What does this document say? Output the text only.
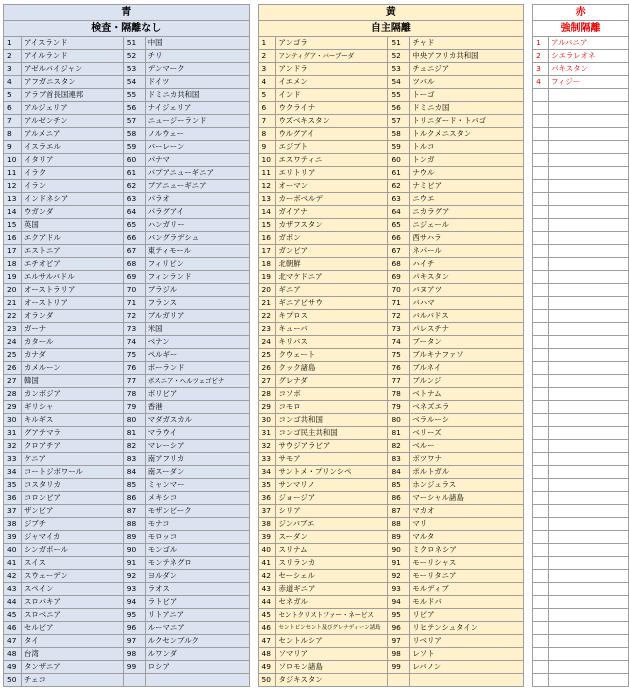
青					黄					赤	
検査・隔離なし					自主隔離					強制隔離	
1	アイスランド	51	中国		1	アンゴラ	51	チャド		1	アルバニア
2	アイルランド	52	チリ		2	アンティグア・バーブーダ	52	中央アフリカ共和国		2	シエラレオネ
3	アゼルバイジャン	53	デンマーク		3	アンドラ	53	チュニジア		3	パキスタン
4	アフガニスタン	54	ドイツ		4	イエメン	54	ツバル		4	フィジー
5	アラブ首長国連邦	55	ドミニカ共和国		5	インド	55	トーゴ			
6	アルジェリア	56	ナイジェリア		6	ウクライナ	56	ドミニカ国			
7	アルゼンチン	57	ニュージーランド		7	ウズベキスタン	57	トリニダード・トバゴ			
8	アルメニア	58	ノルウェー		8	ウルグアイ	58	トルクメニスタン			
9	イスラエル	59	バーレーン		9	エジプト	59	トルコ			
10	イタリア	60	パナマ		10	エスワティニ	60	トンガ			
11	イラク	61	パプアニューギニア		11	エリトリア	61	ナウル			
12	イラン	62	ブアニューギニア		12	オーマン	62	ナミビア			
13	インドネシア	63	パラオ		13	カーボベルデ	63	ニウエ			
14	ウガンダ	64	パラグアイ		14	ガイアナ	64	ニカラグア			
15	英国	65	ハンガリー		15	カザフスタン	65	ニジェール			
16	エクアドル	66	バングラデシュ		16	ガボン	66	西サハラ			
17	エストニア	67	東ティモール		17	ガンビア	67	ネパール			
18	エチオピア	68	フィリピン		18	北朝鮮	68	ハイチ			
19	エルサルバドル	69	フィンランド		19	北マケドニア	69	パキスタン			
20	オーストラリア	70	ブラジル		20	ギニア	70	バヌアツ			
21	オーストリア	71	フランス		21	ギニアビサウ	71	バハマ			
22	オランダ	72	ブルガリア		22	キプロス	72	バルバドス			
23	ガーナ	73	米国		23	キューバ	73	パレスチナ			
24	カタール	74	ベナン		24	キリバス	74	ブータン			
25	カナダ	75	ペルギー		25	クウェート	75	ブルキナファソ			
26	カメルーン	76	ポーランド		26	クック諸島	76	ブルネイ			
27	韓国	77	ボスニア・ヘルツェゴビナ		27	グレナダ	77	ブルンジ			
28	カンボジア	78	ボリビア		28	コソボ	78	ベトナム			
29	ギリシャ	79	香港		29	コモロ	79	ベネズエラ			
30	キルギス	80	マダガスカル		30	コンゴ共和国	80	ベラルーシ			
31	グアテマラ	81	マラウイ		31	コンゴ民主共和国	81	ベリーズ			
32	クロアチア	82	マレーシア		32	サウジアラビア	82	ベルー			
33	ケニア	83	南アフリカ		33	サモア	83	ボツワナ			
34	コートジボワール	84	南スーダン		34	サントメ・プリンシペ	84	ポルトガル			
35	コスタリカ	85	ミャンマー		35	サンマリノ	85	ホンジュラス			
36	コロンビア	86	メキシコ		36	ジョージア	86	マーシャル諸島			
37	ザンビア	87	モザンビーク		37	シリア	87	マカオ			
38	ジブチ	88	モナコ		38	ジンバブエ	88	マリ			
39	ジャマイカ	89	モロッコ		39	スーダン	89	マルタ			
40	シンガポール	90	モンゴル		40	スリナム	90	ミクロネシア			
41	スイス	91	モンテネグロ		41	スリランカ	91	モーリシャス			
42	スウェーデン	92	ヨルダン		42	セーシェル	92	モーリタニア			
43	スペイン	93	ラオス		43	赤道ギニア	93	モルディブ			
44	スロバキア	94	ラトビア		44	セネガル	94	モルドバ			
45	スロベニア	95	リトアニア		45	セントクリストファー・ネービス	95	リビア			
46	セルビア	96	ルーマニア		46	セントビンセント及びグレナディーン諸島	96	リヒテンシュタイン			
47	タイ	97	ルクセンブルク		47	セントルシア	97	リベリア			
48	台湾	98	ルワンダ		48	ソマリア	98	レソト			
49	タンザニア	99	ロシア		49	ソロモン諸島	99	レバノン			
50	チェコ				50	タジキスタン					
